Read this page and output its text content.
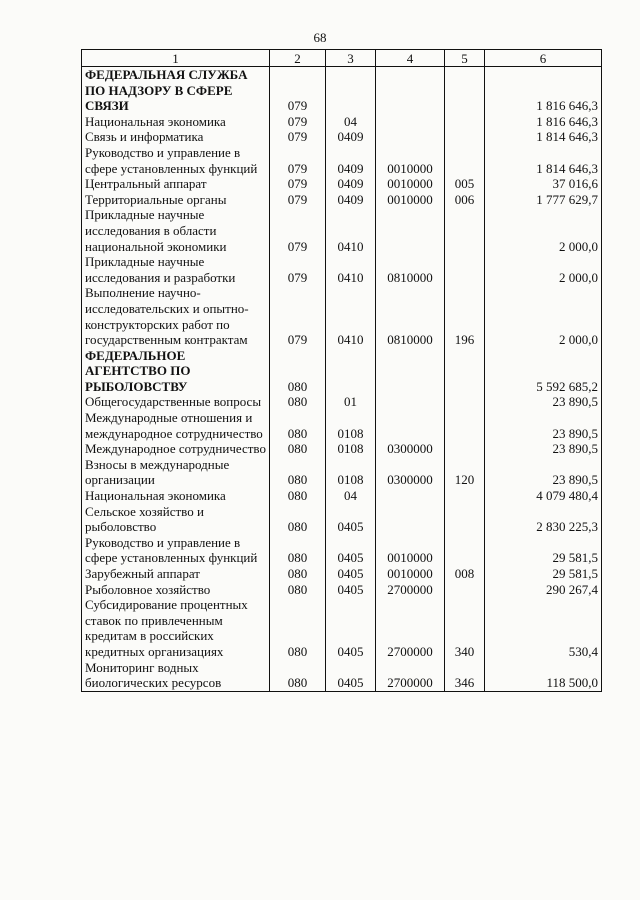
68
1	2	3	4	5	6
ФЕДЕРАЛЬНАЯ СЛУЖБА ПО НАДЗОРУ В СФЕРЕ СВЯЗИ	079				1 816 646,3
Национальная экономика	079	04			1 816 646,3
Связь и информатика	079	0409			1 814 646,3
Руководство и управление в сфере установленных функций	079	0409	0010000		1 814 646,3
Центральный аппарат	079	0409	0010000	005	37 016,6
Территориальные органы	079	0409	0010000	006	1 777 629,7
Прикладные научные исследования в области национальной экономики	079	0410			2 000,0
Прикладные научные исследования и разработки	079	0410	0810000		2 000,0
Выполнение научно-исследовательских и опытно-конструкторских работ по государственным контрактам	079	0410	0810000	196	2 000,0
ФЕДЕРАЛЬНОЕ АГЕНТСТВО ПО РЫБОЛОВСТВУ	080				5 592 685,2
Общегосударственные вопросы	080	01			23 890,5
Международные отношения и международное сотрудничество	080	0108			23 890,5
Международное сотрудничество	080	0108	0300000		23 890,5
Взносы в международные организации	080	0108	0300000	120	23 890,5
Национальная экономика	080	04			4 079 480,4
Сельское хозяйство и рыболовство	080	0405			2 830 225,3
Руководство и управление в сфере установленных функций	080	0405	0010000		29 581,5
Зарубежный аппарат	080	0405	0010000	008	29 581,5
Рыболовное хозяйство	080	0405	2700000		290 267,4
Субсидирование процентных ставок по привлеченным кредитам в российских кредитных организациях	080	0405	2700000	340	530,4
Мониторинг водных биологических ресурсов	080	0405	2700000	346	118 500,0
